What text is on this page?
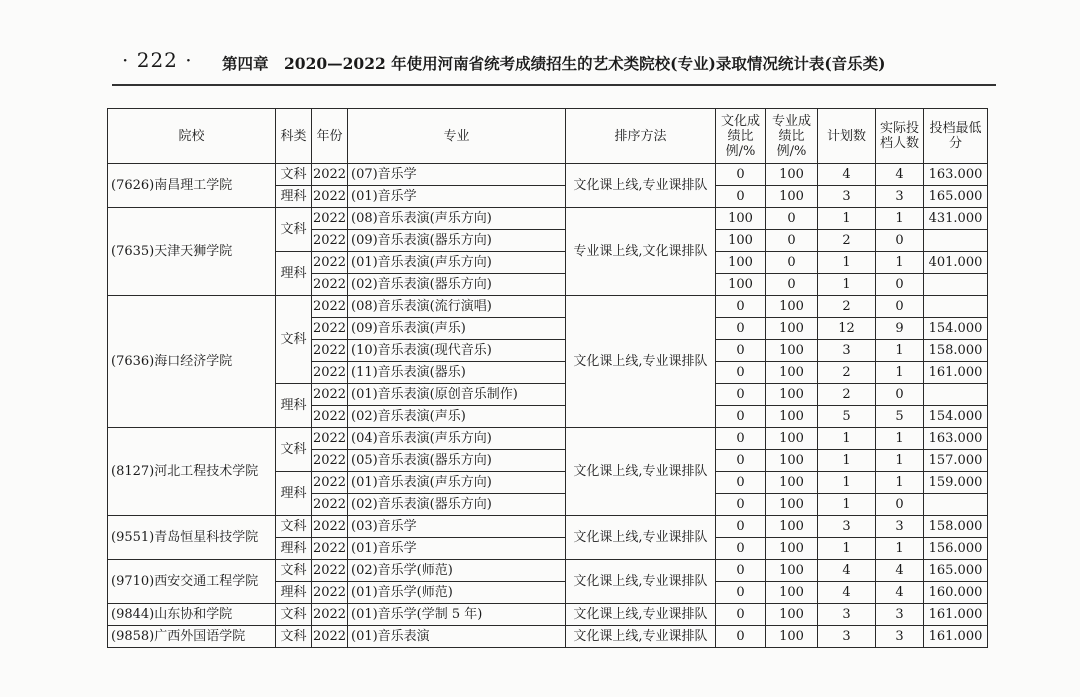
· 222 · 第四章　2020—2022 年使用河南省统考成绩招生的艺术类院校(专业)录取情况统计表(音乐类)
院校	科类	年份	专业	排序方法	文化成绩比例/%	专业成绩比例/%	计划数	实际投档人数	投档最低分
(7626)南昌理工学院	文科	2022	(07)音乐学	文化课上线,专业课排队	0	100	4	4	163.000
	理科	2022	(01)音乐学		0	100	3	3	165.000
(7635)天津天狮学院	文科	2022	(08)音乐表演(声乐方向)	专业课上线,文化课排队	100	0	1	1	431.000
		2022	(09)音乐表演(器乐方向)		100	0	2	0	
	理科	2022	(01)音乐表演(声乐方向)		100	0	1	1	401.000
		2022	(02)音乐表演(器乐方向)		100	0	1	0	
(7636)海口经济学院	文科	2022	(08)音乐表演(流行演唱)	文化课上线,专业课排队	0	100	2	0	
		2022	(09)音乐表演(声乐)		0	100	12	9	154.000
		2022	(10)音乐表演(现代音乐)		0	100	3	1	158.000
		2022	(11)音乐表演(器乐)		0	100	2	1	161.000
	理科	2022	(01)音乐表演(原创音乐制作)		0	100	2	0	
		2022	(02)音乐表演(声乐)		0	100	5	5	154.000
(8127)河北工程技术学院	文科	2022	(04)音乐表演(声乐方向)	文化课上线,专业课排队	0	100	1	1	163.000
		2022	(05)音乐表演(器乐方向)		0	100	1	1	157.000
	理科	2022	(01)音乐表演(声乐方向)		0	100	1	1	159.000
		2022	(02)音乐表演(器乐方向)		0	100	1	0	
(9551)青岛恒星科技学院	文科	2022	(03)音乐学	文化课上线,专业课排队	0	100	3	3	158.000
	理科	2022	(01)音乐学		0	100	1	1	156.000
(9710)西安交通工程学院	文科	2022	(02)音乐学(师范)	文化课上线,专业课排队	0	100	4	4	165.000
	理科	2022	(01)音乐学(师范)		0	100	4	4	160.000
(9844)山东协和学院	文科	2022	(01)音乐学(学制 5 年)	文化课上线,专业课排队	0	100	3	3	161.000
(9858)广西外国语学院	文科	2022	(01)音乐表演	文化课上线,专业课排队	0	100	3	3	161.000
